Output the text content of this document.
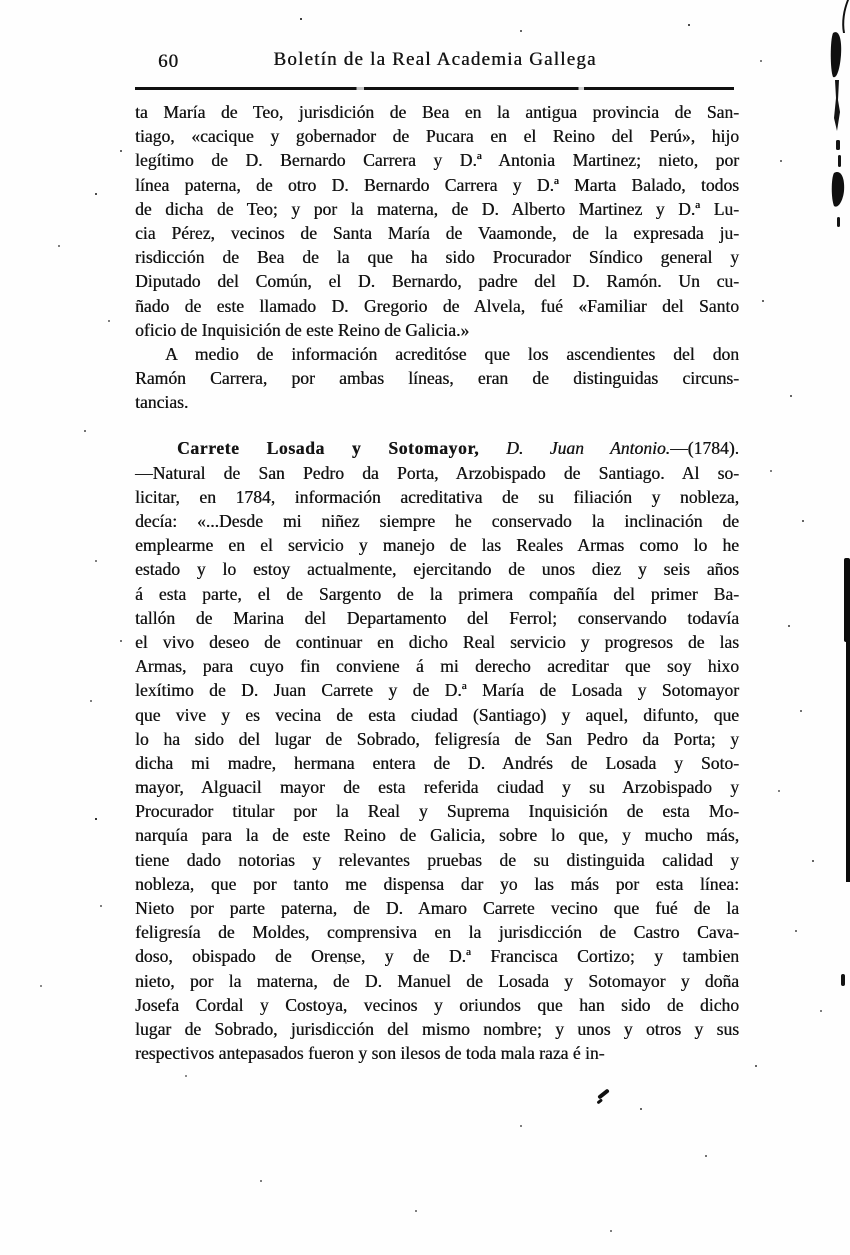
60	Boletín de la Real Academia Gallega
ta María de Teo, jurisdición de Bea en la antigua provincia de San-
tiago, «cacique y gobernador de Pucara en el Reino del Perú», hijo
legítimo de D. Bernardo Carrera y D.ª Antonia Martinez; nieto, por
línea paterna, de otro D. Bernardo Carrera y D.ª Marta Balado, todos
de dicha de Teo; y por la materna, de D. Alberto Martinez y D.ª Lu-
cia Pérez, vecinos de Santa María de Vaamonde, de la expresada ju-
risdicción de Bea de la que ha sido Procurador Síndico general y
Diputado del Común, el D. Bernardo, padre del D. Ramón. Un cu-
ñado de este llamado D. Gregorio de Alvela, fué «Familiar del Santo
oficio de Inquisición de este Reino de Galicia.»
A medio de información acreditóse que los ascendientes del don
Ramón Carrera, por ambas líneas, eran de distinguidas circuns-
tancias.
Carrete Losada y Sotomayor, D. Juan Antonio.—(1784).
—Natural de San Pedro da Porta, Arzobispado de Santiago. Al so-
licitar, en 1784, información acreditativa de su filiación y nobleza,
decía: «...Desde mi niñez siempre he conservado la inclinación de
emplearme en el servicio y manejo de las Reales Armas como lo he
estado y lo estoy actualmente, ejercitando de unos diez y seis años
á esta parte, el de Sargento de la primera compañía del primer Ba-
tallón de Marina del Departamento del Ferrol; conservando todavía
el vivo deseo de continuar en dicho Real servicio y progresos de las
Armas, para cuyo fin conviene á mi derecho acreditar que soy hixo
lexítimo de D. Juan Carrete y de D.ª María de Losada y Sotomayor
que vive y es vecina de esta ciudad (Santiago) y aquel, difunto, que
lo ha sido del lugar de Sobrado, feligresía de San Pedro da Porta; y
dicha mi madre, hermana entera de D. Andrés de Losada y Soto-
mayor, Alguacil mayor de esta referida ciudad y su Arzobispado y
Procurador titular por la Real y Suprema Inquisición de esta Mo-
narquía para la de este Reino de Galicia, sobre lo que, y mucho más,
tiene dado notorias y relevantes pruebas de su distinguida calidad y
nobleza, que por tanto me dispensa dar yo las más por esta línea:
Nieto por parte paterna, de D. Amaro Carrete vecino que fué de la
feligresía de Moldes, comprensiva en la jurisdicción de Castro Cava-
doso, obispado de Orense, y de D.ª Francisca Cortizo; y tambien
nieto, por la materna, de D. Manuel de Losada y Sotomayor y doña
Josefa Cordal y Costoya, vecinos y oriundos que han sido de dicho
lugar de Sobrado, jurisdicción del mismo nombre; y unos y otros y sus
respectivos antepasados fueron y son ilesos de toda mala raza é in-
